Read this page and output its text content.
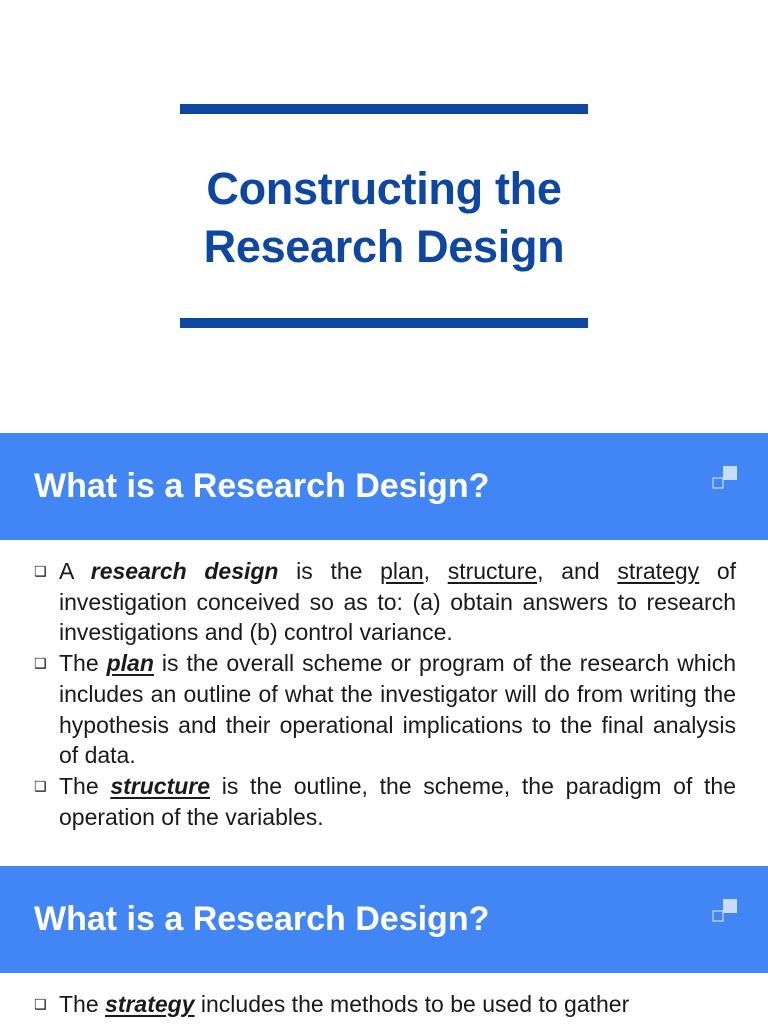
Constructing the
Research Design
What is a Research Design?
❑ A research design is the plan, structure, and strategy of investigation conceived so as to: (a) obtain answers to research investigations and (b) control variance.
❑ The plan is the overall scheme or program of the research which includes an outline of what the investigator will do from writing the hypothesis and their operational implications to the final analysis of data.
❑ The structure is the outline, the scheme, the paradigm of the operation of the variables.
What is a Research Design?
❑ The strategy includes the methods to be used to gather
